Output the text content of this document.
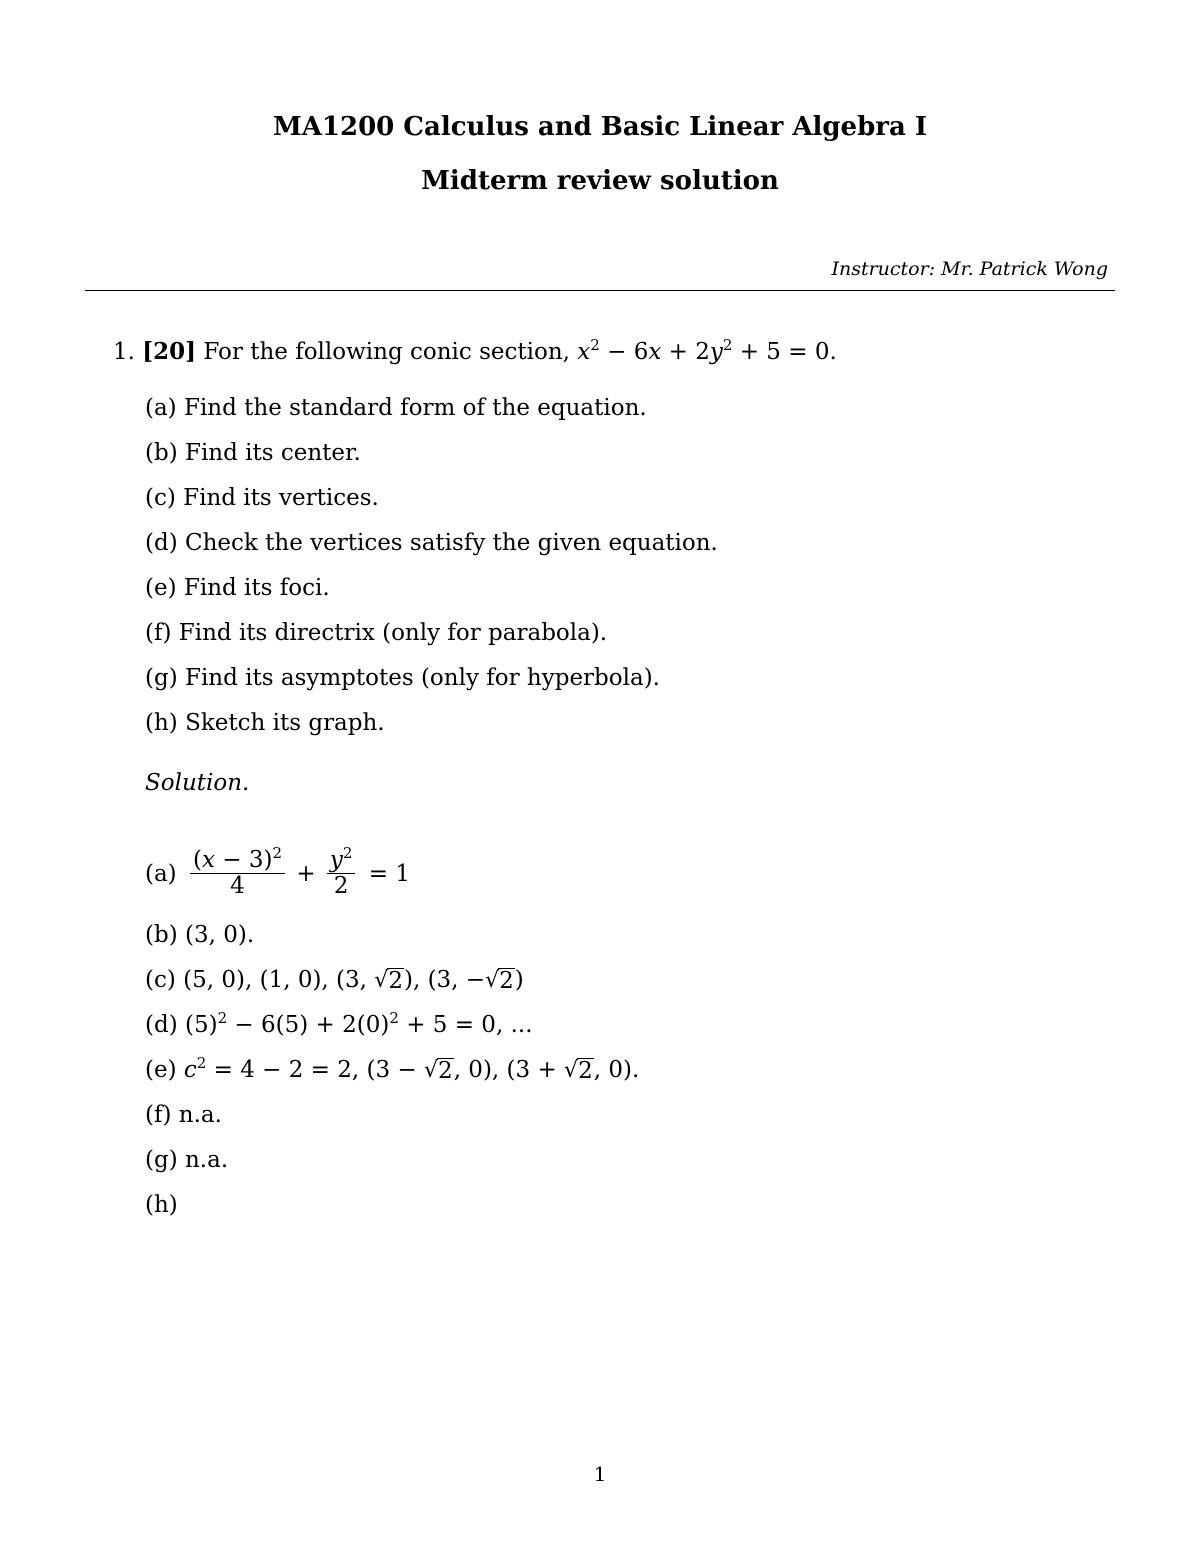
MA1200 Calculus and Basic Linear Algebra I
Midterm review solution
Instructor: Mr. Patrick Wong
1. [20] For the following conic section, $x^2 - 6x + 2y^2 + 5 = 0$.
(a) Find the standard form of the equation.
(b) Find its center.
(c) Find its vertices.
(d) Check the vertices satisfy the given equation.
(e) Find its foci.
(f) Find its directrix (only for parabola).
(g) Find its asymptotes (only for hyperbola).
(h) Sketch its graph.
Solution.
$(a) \frac{(x - 3)^2}{4} + \frac{y^2}{2} = 1$
(b) (3, 0).
(c) (5, 0), (1, 0), (3, √ 2 ), (3, − √ 2 )
(d) $(5)^2 - 6(5) + 2(0)^2 + 5 = 0$, ...
(e) $c^2 = 4 - 2 = 2$, (3 − √ 2 , 0), (3 + √ 2 , 0).
(f) n.a.
(g) n.a.
(h)
1
